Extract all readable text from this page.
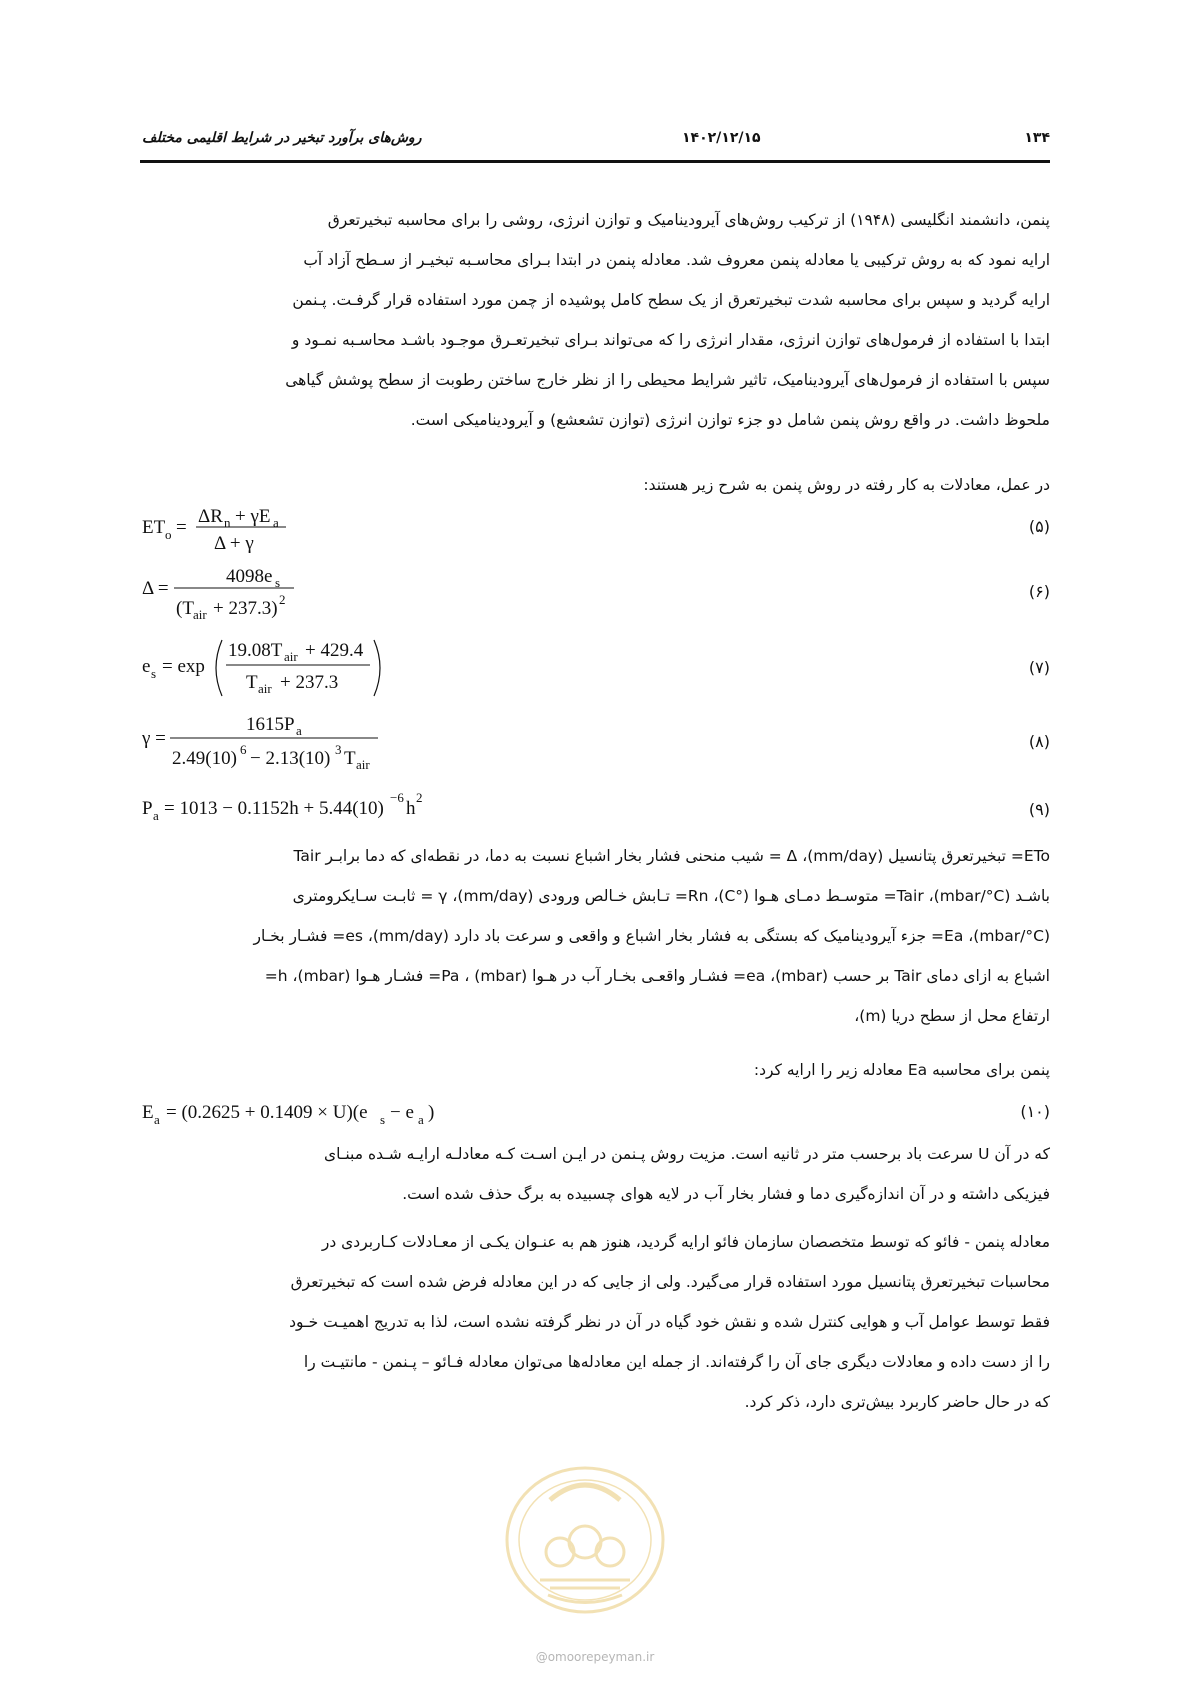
۱۳۴
۱۴۰۲/۱۲/۱۵
روش‌های برآورد تبخیر در شرایط اقلیمی مختلف
پنمن، دانشمند انگلیسی (۱۹۴۸) از ترکیب روش‌های آیرودینامیک و توازن انرژی، روشی را برای محاسبه تبخیرتعرق
ارایه نمود که به روش ترکیبی یا معادله پنمن معروف شد. معادله پنمن در ابتدا بـرای محاسـبه تبخیـر از سـطح آزاد آب
ارایه گردید و سپس برای محاسبه شدت تبخیرتعرق از یک سطح کامل پوشیده از چمن مورد استفاده قرار گرفـت. پـنمن
ابتدا با استفاده از فرمول‌های توازن انرژی، مقدار انرژی را که می‌تواند بـرای تبخیرتعـرق موجـود باشـد محاسـبه نمـود و
سپس با استفاده از فرمول‌های آیرودینامیک، تاثیر شرایط محیطی را از نظر خارج ساختن رطوبت از سطح پوشش گیاهی
ملحوظ داشت. در واقع روش پنمن شامل دو جزء توازن انرژی (توازن تشعشع) و آیرودینامیکی است.
در عمل، معادلات به کار رفته در روش پنمن به شرح زیر هستند:
ET o =
ΔR n + γE a
Δ + γ
(۵)
Δ =
4098e s
(T air + 237.3) 2	(۶)
e s = exp
19.08T air + 429.4
T air + 237.3
(۷)
γ =
1615P a
2.49(10) 6 − 2.13(10) 3 T air
(۸)
P a = 1013 − 0.1152h + 5.44(10)
−6
h
2
(۹)
ETo= تبخیرتعرق پتانسیل (mm/day)، Δ = شیب منحنی فشار بخار اشباع نسبت به دما، در نقطه‌ای که دما برابـر Tair
باشـد (mbar/°C)، Tair= متوسـط دمـای هـوا (°C)، Rn= تـابش خـالص ورودی (mm/day)، γ = ثابـت سـایکرومتری
(mbar/°C)، Ea= جزء آیرودینامیک که بستگی به فشار بخار اشباع و واقعی و سرعت باد دارد (mm/day)، es= فشـار بخـار
اشباع به ازای دمای Tair بر حسب (mbar)، ea= فشـار واقعـی بخـار آب در هـوا (mbar) ، Pa= فشـار هـوا (mbar)، h=
ارتفاع محل از سطح دریا (m)،
پنمن برای محاسبه Ea معادله زیر را ارایه کرد:
E a = (0.2625 + 0.1409 × U)(e s − e a )	(۱۰)
که در آن U سرعت باد برحسب متر در ثانیه است. مزیت روش پـنمن در ایـن اسـت کـه معادلـه ارایـه شـده مبنـای
فیزیکی داشته و در آن اندازه‌گیری دما و فشار بخار آب در لایه هوای چسبیده به برگ حذف شده است.
معادله پنمن - فائو که توسط متخصصان سازمان فائو ارایه گردید، هنوز هم به عنـوان یکـی از معـادلات کـاربردی در
محاسبات تبخیرتعرق پتانسیل مورد استفاده قرار می‌گیرد. ولی از جایی که در این معادله فرض شده است که تبخیرتعرق
فقط توسط عوامل آب و هوایی کنترل شده و نقش خود گیاه در آن در نظر گرفته نشده است، لذا به تدریج اهمیـت خـود
را از دست داده و معادلات دیگری جای آن را گرفته‌اند. از جمله این معادله‌ها می‌توان معادله فـائو – پـنمن - مانتیـت را
که در حال حاضر کاربرد بیش‌تری دارد، ذکر کرد.
@omoorepeyman.ir
